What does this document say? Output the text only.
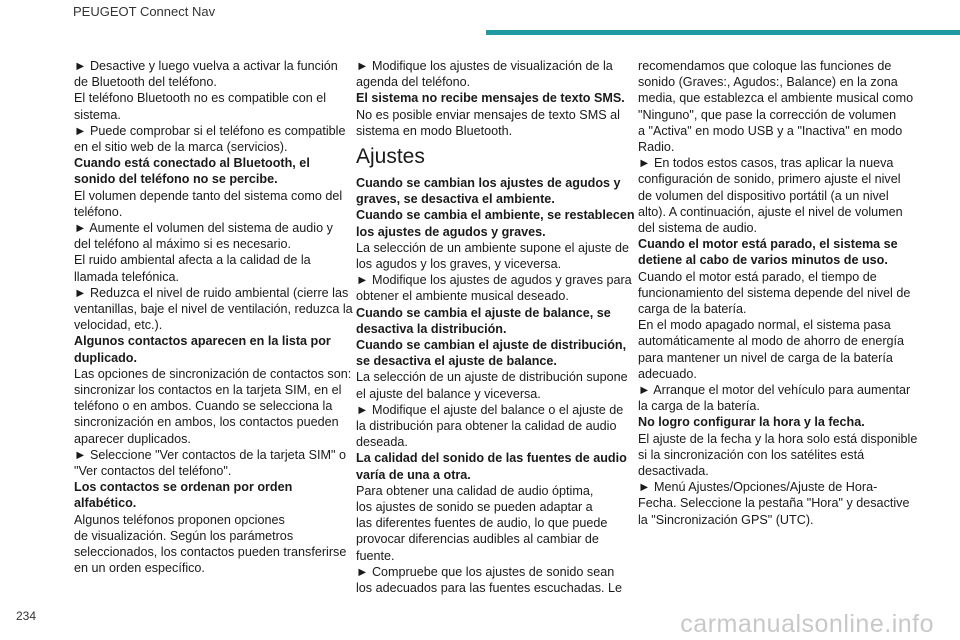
PEUGEOT Connect Nav
► Desactive y luego vuelva a activar la función
de Bluetooth del teléfono.
El teléfono Bluetooth no es compatible con el
sistema.
► Puede comprobar si el teléfono es compatible
en el sitio web de la marca (servicios).
Cuando está conectado al Bluetooth, el
sonido del teléfono no se percibe.
El volumen depende tanto del sistema como del
teléfono.
► Aumente el volumen del sistema de audio y
del teléfono al máximo si es necesario.
El ruido ambiental afecta a la calidad de la
llamada telefónica.
► Reduzca el nivel de ruido ambiental (cierre las
ventanillas, baje el nivel de ventilación, reduzca la
velocidad, etc.).
Algunos contactos aparecen en la lista por
duplicado.
Las opciones de sincronización de contactos son:
sincronizar los contactos en la tarjeta SIM, en el
teléfono o en ambos. Cuando se selecciona la
sincronización en ambos, los contactos pueden
aparecer duplicados.
► Seleccione "Ver contactos de la tarjeta SIM" o
"Ver contactos del teléfono".
Los contactos se ordenan por orden
alfabético.
Algunos teléfonos proponen opciones
de visualización. Según los parámetros
seleccionados, los contactos pueden transferirse
en un orden específico.
► Modifique los ajustes de visualización de la
agenda del teléfono.
El sistema no recibe mensajes de texto SMS.
No es posible enviar mensajes de texto SMS al
sistema en modo Bluetooth.
Ajustes
Cuando se cambian los ajustes de agudos y
graves, se desactiva el ambiente.
Cuando se cambia el ambiente, se restablecen
los ajustes de agudos y graves.
La selección de un ambiente supone el ajuste de
los agudos y los graves, y viceversa.
► Modifique los ajustes de agudos y graves para
obtener el ambiente musical deseado.
Cuando se cambia el ajuste de balance, se
desactiva la distribución.
Cuando se cambian el ajuste de distribución,
se desactiva el ajuste de balance.
La selección de un ajuste de distribución supone
el ajuste del balance y viceversa.
► Modifique el ajuste del balance o el ajuste de
la distribución para obtener la calidad de audio
deseada.
La calidad del sonido de las fuentes de audio
varía de una a otra.
Para obtener una calidad de audio óptima,
los ajustes de sonido se pueden adaptar a
las diferentes fuentes de audio, lo que puede
provocar diferencias audibles al cambiar de
fuente.
► Compruebe que los ajustes de sonido sean
los adecuados para las fuentes escuchadas. Le
recomendamos que coloque las funciones de
sonido (Graves:, Agudos:, Balance) en la zona
media, que establezca el ambiente musical como
"Ninguno", que pase la corrección de volumen
a "Activa" en modo USB y a "Inactiva" en modo
Radio.
► En todos estos casos, tras aplicar la nueva
configuración de sonido, primero ajuste el nivel
de volumen del dispositivo portátil (a un nivel
alto). A continuación, ajuste el nivel de volumen
del sistema de audio.
Cuando el motor está parado, el sistema se
detiene al cabo de varios minutos de uso.
Cuando el motor está parado, el tiempo de
funcionamiento del sistema depende del nivel de
carga de la batería.
En el modo apagado normal, el sistema pasa
automáticamente al modo de ahorro de energía
para mantener un nivel de carga de la batería
adecuado.
► Arranque el motor del vehículo para aumentar
la carga de la batería.
No logro configurar la hora y la fecha.
El ajuste de la fecha y la hora solo está disponible
si la sincronización con los satélites está
desactivada.
► Menú Ajustes/Opciones/Ajuste de Hora-
Fecha. Seleccione la pestaña "Hora" y desactive
la "Sincronización GPS" (UTC).
234	carmanualsonline.info
